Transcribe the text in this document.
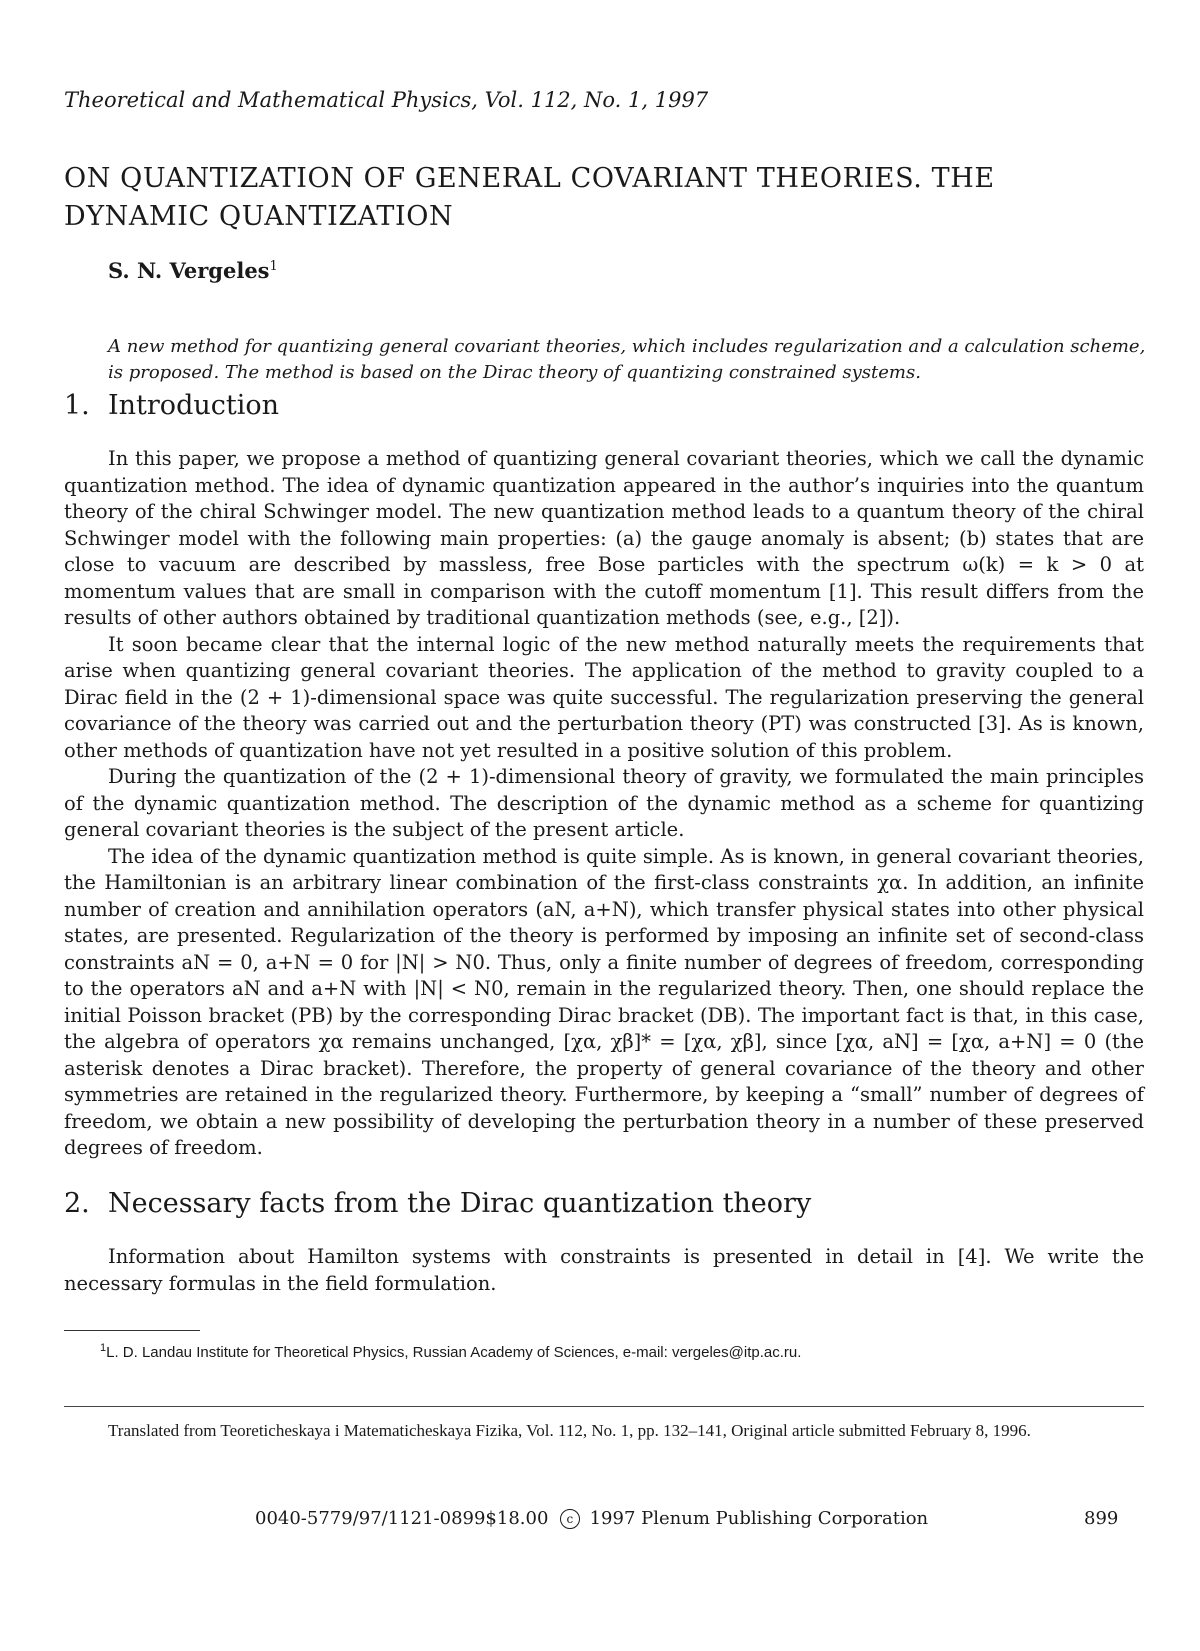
Theoretical and Mathematical Physics, Vol. 112, No. 1, 1997
ON QUANTIZATION OF GENERAL COVARIANT THEORIES. THE DYNAMIC QUANTIZATION
S. N. Vergeles$^1$

A new method for quantizing general covariant theories, which includes regularization and a calculation scheme, is proposed. The method is based on the Dirac theory of quantizing constrained systems.

1. Introduction

In this paper, we propose a method of quantizing general covariant theories, which we call the dynamic quantization method. The idea of dynamic quantization appeared in the author’s inquiries into the quantum theory of the chiral Schwinger model. The new quantization method leads to a quantum theory of the chiral Schwinger model with the following main properties: (a) the gauge anomaly is absent; (b) states that are close to vacuum are described by massless, free Bose particles with the spectrum ω(k) = k > 0 at momentum values that are small in comparison with the cutoff momentum [1]. This result differs from the results of other authors obtained by traditional quantization methods (see, e.g., [2]).

It soon became clear that the internal logic of the new method naturally meets the requirements that arise when quantizing general covariant theories. The application of the method to gravity coupled to a Dirac field in the (2 + 1)-dimensional space was quite successful. The regularization preserving the general covariance of the theory was carried out and the perturbation theory (PT) was constructed [3]. As is known, other methods of quantization have not yet resulted in a positive solution of this problem.

During the quantization of the (2 + 1)-dimensional theory of gravity, we formulated the main principles of the dynamic quantization method. The description of the dynamic method as a scheme for quantizing general covariant theories is the subject of the present article.

The idea of the dynamic quantization method is quite simple. As is known, in general covariant theories, the Hamiltonian is an arbitrary linear combination of the first-class constraints χα. In addition, an infinite number of creation and annihilation operators (aN, a+N), which transfer physical states into other physical states, are presented. Regularization of the theory is performed by imposing an infinite set of second-class constraints aN = 0, a+N = 0 for |N| > N0. Thus, only a finite number of degrees of freedom, corresponding to the operators aN and a+N with |N| < N0, remain in the regularized theory. Then, one should replace the initial Poisson bracket (PB) by the corresponding Dirac bracket (DB). The important fact is that, in this case, the algebra of operators χα remains unchanged, [χα, χβ]* = [χα, χβ], since [χα, aN] = [χα, a+N] = 0 (the asterisk denotes a Dirac bracket). Therefore, the property of general covariance of the theory and other symmetries are retained in the regularized theory. Furthermore, by keeping a “small” number of degrees of freedom, we obtain a new possibility of developing the perturbation theory in a number of these preserved degrees of freedom.

2. Necessary facts from the Dirac quantization theory

Information about Hamilton systems with constraints is presented in detail in [4]. We write the necessary formulas in the field formulation.

$^1$L. D. Landau Institute for Theoretical Physics, Russian Academy of Sciences, e-mail: vergeles@itp.ac.ru.
Translated from Teoreticheskaya i Matematicheskaya Fizika, Vol. 112, No. 1, pp. 132–141, Original article submitted February 8, 1996.
0040-5779/97/1121-0899$18.00 c 1997 Plenum Publishing Corporation	899
